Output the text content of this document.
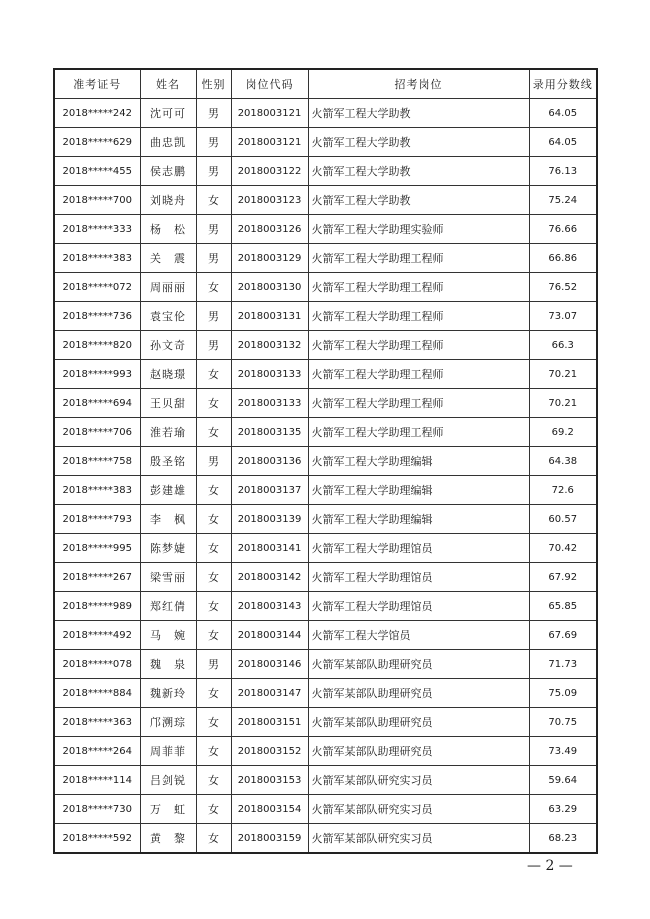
准考证号	姓名	性别	岗位代码	招考岗位	录用分数线
2018*****242	沈可可	男	2018003121	火箭军工程大学助教	64.05
2018*****629	曲忠凯	男	2018003121	火箭军工程大学助教	64.05
2018*****455	侯志鹏	男	2018003122	火箭军工程大学助教	76.13
2018*****700	刘晓舟	女	2018003123	火箭军工程大学助教	75.24
2018*****333	杨　松	男	2018003126	火箭军工程大学助理实验师	76.66
2018*****383	关　震	男	2018003129	火箭军工程大学助理工程师	66.86
2018*****072	周丽丽	女	2018003130	火箭军工程大学助理工程师	76.52
2018*****736	袁宝伦	男	2018003131	火箭军工程大学助理工程师	73.07
2018*****820	孙文奇	男	2018003132	火箭军工程大学助理工程师	66.3
2018*****993	赵晓璟	女	2018003133	火箭军工程大学助理工程师	70.21
2018*****694	王贝甜	女	2018003133	火箭军工程大学助理工程师	70.21
2018*****706	淮若瑜	女	2018003135	火箭军工程大学助理工程师	69.2
2018*****758	殷圣铭	男	2018003136	火箭军工程大学助理编辑	64.38
2018*****383	彭建雄	女	2018003137	火箭军工程大学助理编辑	72.6
2018*****793	李　枫	女	2018003139	火箭军工程大学助理编辑	60.57
2018*****995	陈梦婕	女	2018003141	火箭军工程大学助理馆员	70.42
2018*****267	梁雪丽	女	2018003142	火箭军工程大学助理馆员	67.92
2018*****989	郑红倩	女	2018003143	火箭军工程大学助理馆员	65.85
2018*****492	马　婉	女	2018003144	火箭军工程大学馆员	67.69
2018*****078	魏　泉	男	2018003146	火箭军某部队助理研究员	71.73
2018*****884	魏新玲	女	2018003147	火箭军某部队助理研究员	75.09
2018*****363	邝溯琮	女	2018003151	火箭军某部队助理研究员	70.75
2018*****264	周菲菲	女	2018003152	火箭军某部队助理研究员	73.49
2018*****114	吕剑锐	女	2018003153	火箭军某部队研究实习员	59.64
2018*****730	万　虹	女	2018003154	火箭军某部队研究实习员	63.29
2018*****592	黄　黎	女	2018003159	火箭军某部队研究实习员	68.23
— 2 —
